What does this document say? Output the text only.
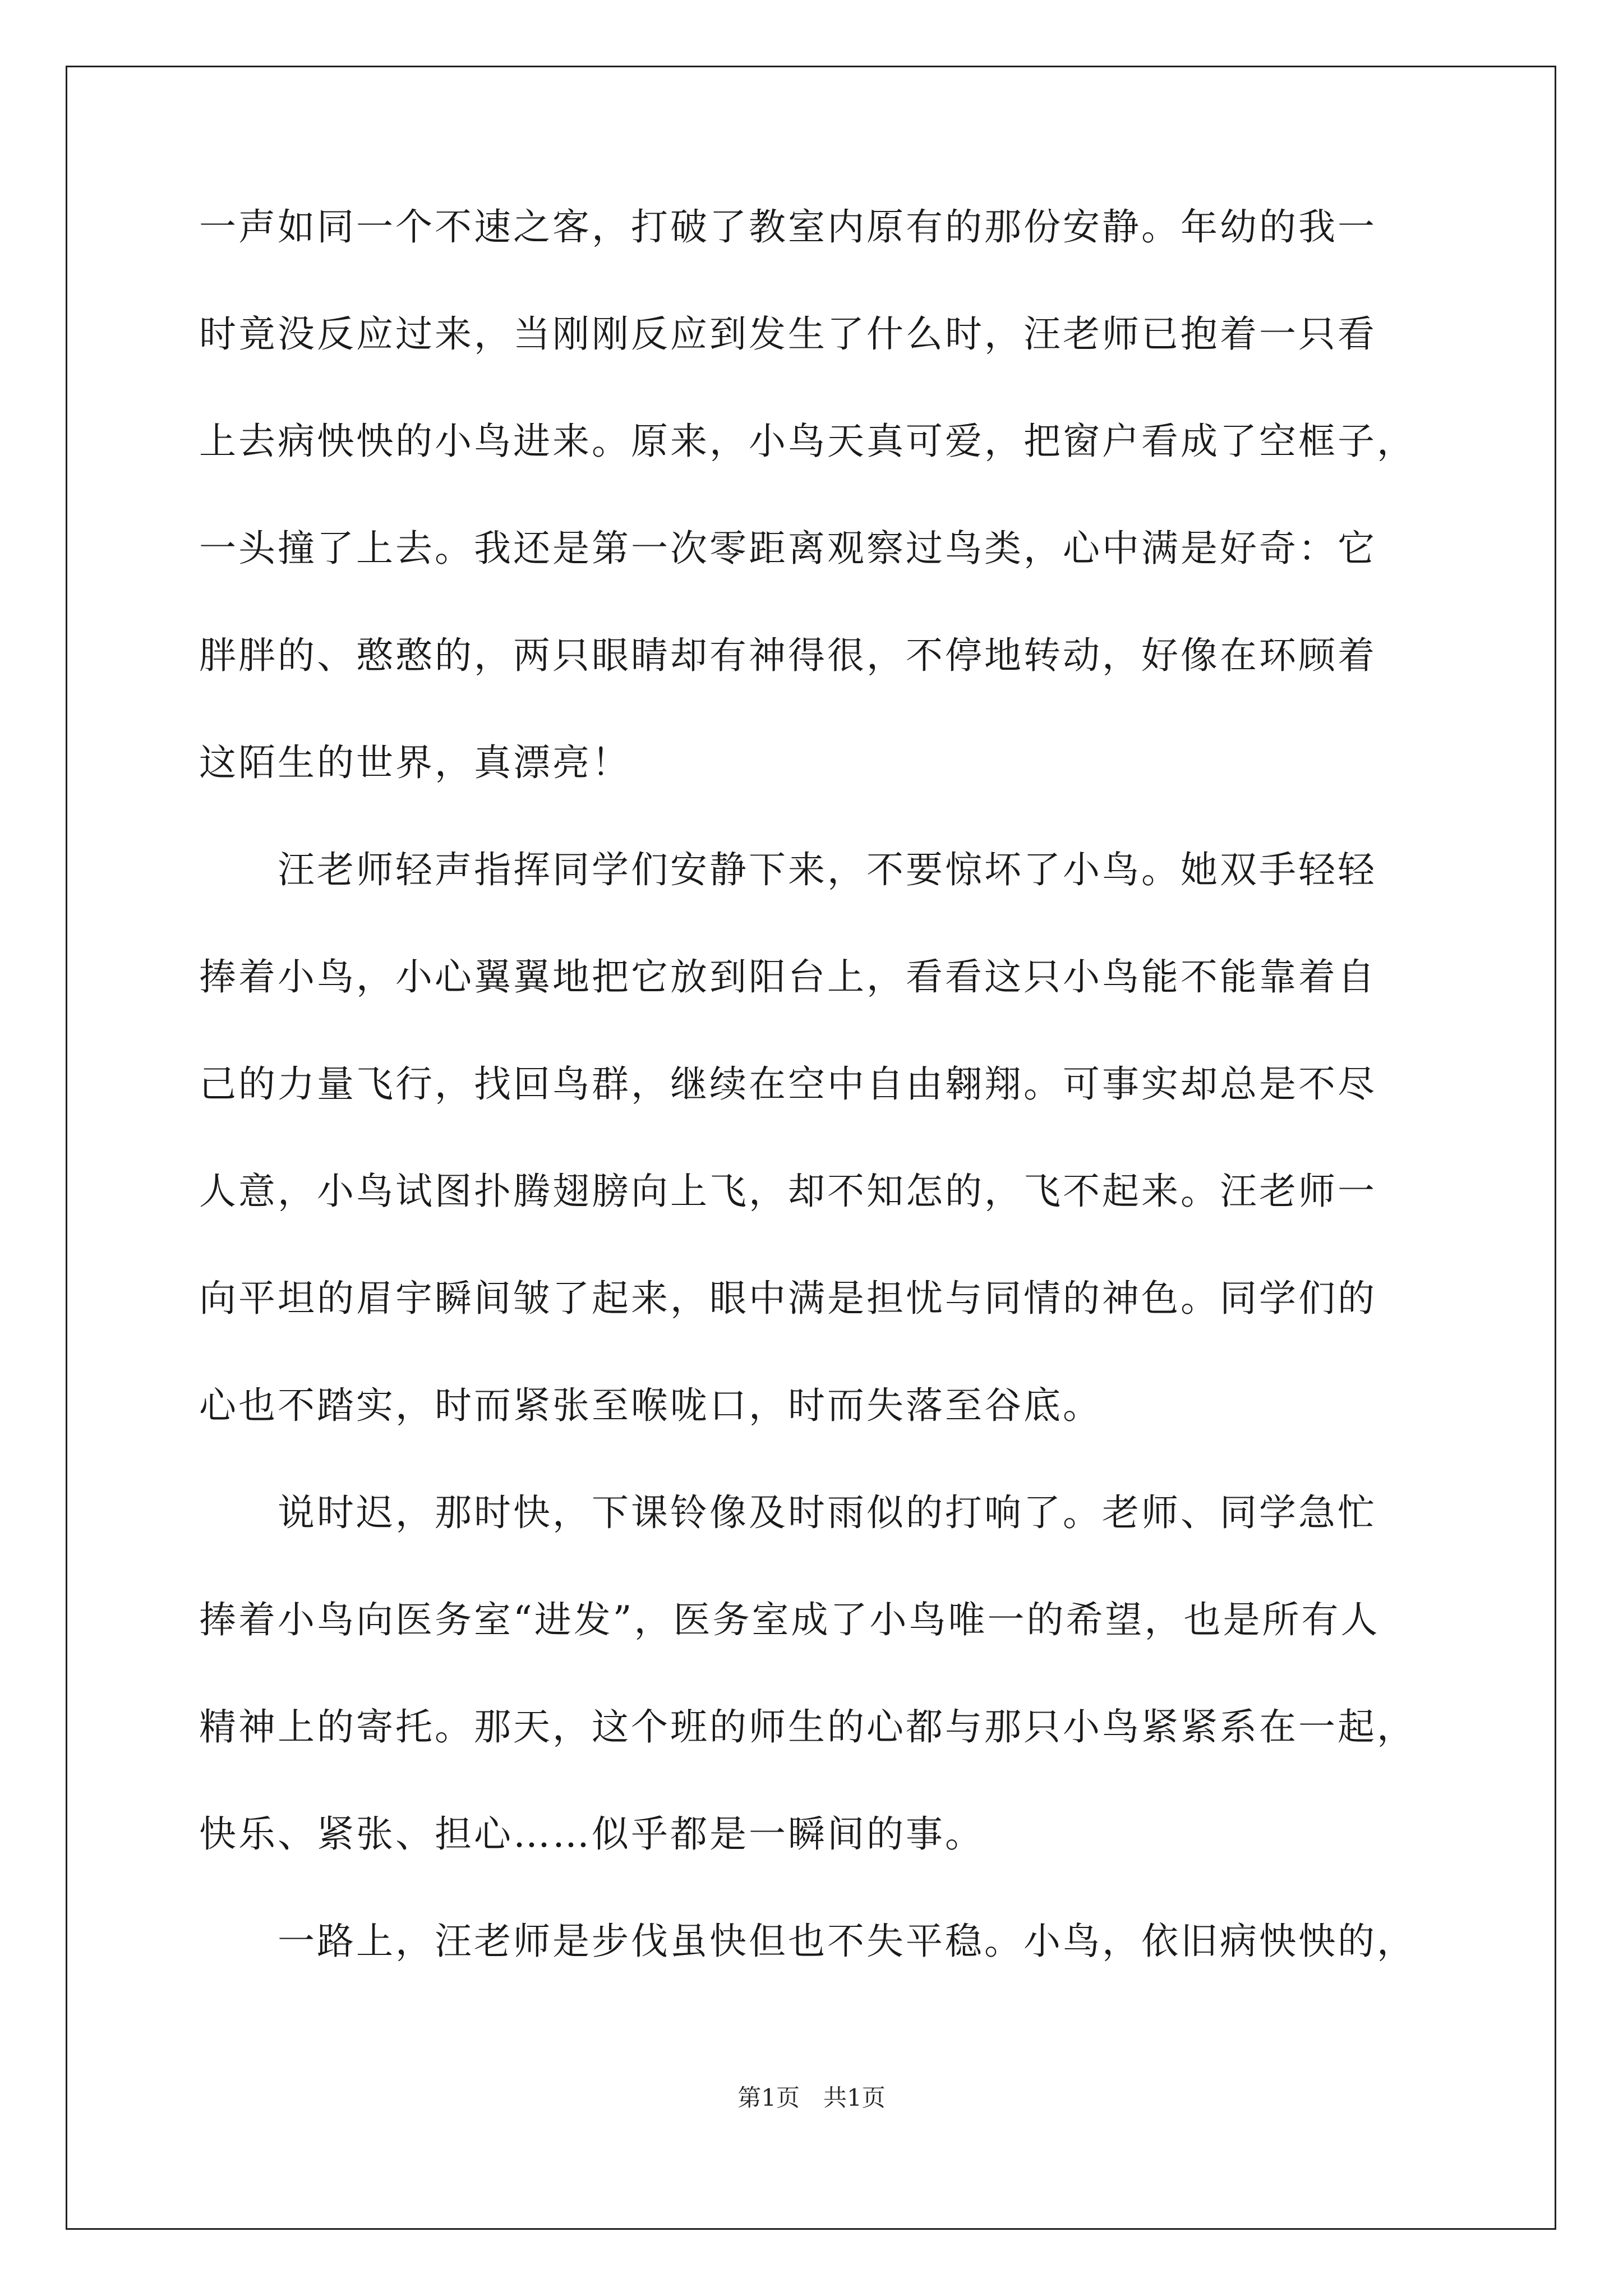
一声如同一个不速之客，打破了教室内原有的那份安静。年幼的我一
时竟没反应过来，当刚刚反应到发生了什么时，汪老师已抱着一只看
上去病怏怏的小鸟进来。原来，小鸟天真可爱，把窗户看成了空框子，
一头撞了上去。我还是第一次零距离观察过鸟类，心中满是好奇：它
胖胖的、憨憨的，两只眼睛却有神得很，不停地转动，好像在环顾着
这陌生的世界，真漂亮！
　　汪老师轻声指挥同学们安静下来，不要惊坏了小鸟。她双手轻轻
捧着小鸟，小心翼翼地把它放到阳台上，看看这只小鸟能不能靠着自
己的力量飞行，找回鸟群，继续在空中自由翱翔。可事实却总是不尽
人意，小鸟试图扑腾翅膀向上飞，却不知怎的，飞不起来。汪老师一
向平坦的眉宇瞬间皱了起来，眼中满是担忧与同情的神色。同学们的
心也不踏实，时而紧张至喉咙口，时而失落至谷底。
　　说时迟，那时快，下课铃像及时雨似的打响了。老师、同学急忙
捧着小鸟向医务室“进发”，医务室成了小鸟唯一的希望，也是所有人
精神上的寄托。那天，这个班的师生的心都与那只小鸟紧紧系在一起，
快乐、紧张、担心……似乎都是一瞬间的事。
　　一路上，汪老师是步伐虽快但也不失平稳。小鸟，依旧病怏怏的，
第1页　共1页
